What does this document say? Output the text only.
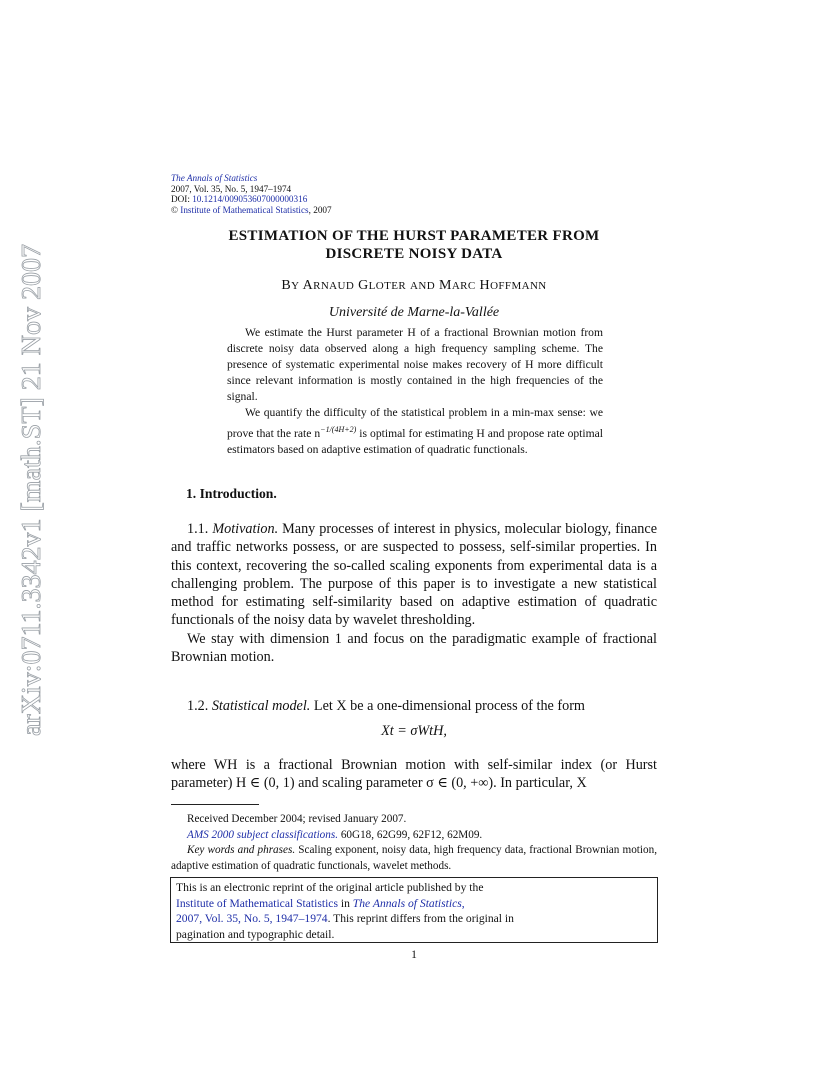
arXiv:0711.3342v1 [math.ST] 21 Nov 2007
The Annals of Statistics
2007, Vol. 35, No. 5, 1947–1974
DOI: 10.1214/009053607000000316
© Institute of Mathematical Statistics, 2007
ESTIMATION OF THE HURST PARAMETER FROM
DISCRETE NOISY DATA
BY ARNAUD GLOTER AND MARC HOFFMANN
Université de Marne-la-Vallée

We estimate the Hurst parameter H of a fractional Brownian motion from discrete noisy data observed along a high frequency sampling scheme. The presence of systematic experimental noise makes recovery of H more difficult since relevant information is mostly contained in the high frequencies of the signal.

We quantify the difficulty of the statistical problem in a min-max sense: we prove that the rate $n^{-1/(4H+2)}$ is optimal for estimating H and propose rate optimal estimators based on adaptive estimation of quadratic functionals.

1. Introduction.

1.1. Motivation. Many processes of interest in physics, molecular biology, finance and traffic networks possess, or are suspected to possess, self-similar properties. In this context, recovering the so-called scaling exponents from experimental data is a challenging problem. The purpose of this paper is to investigate a new statistical method for estimating self-similarity based on adaptive estimation of quadratic functionals of the noisy data by wavelet thresholding.

We stay with dimension 1 and focus on the paradigmatic example of fractional Brownian motion.

1.2. Statistical model. Let X be a one-dimensional process of the form

Xt = σWtH,

where WH is a fractional Brownian motion with self-similar index (or Hurst parameter) H ∈ (0, 1) and scaling parameter σ ∈ (0, +∞). In particular, X

Received December 2004; revised January 2007.

AMS 2000 subject classifications. 60G18, 62G99, 62F12, 62M09.

Key words and phrases. Scaling exponent, noisy data, high frequency data, fractional Brownian motion, adaptive estimation of quadratic functionals, wavelet methods.

This is an electronic reprint of the original article published by the
Institute of Mathematical Statistics in The Annals of Statistics,
2007, Vol. 35, No. 5, 1947–1974. This reprint differs from the original in
pagination and typographic detail.
1
